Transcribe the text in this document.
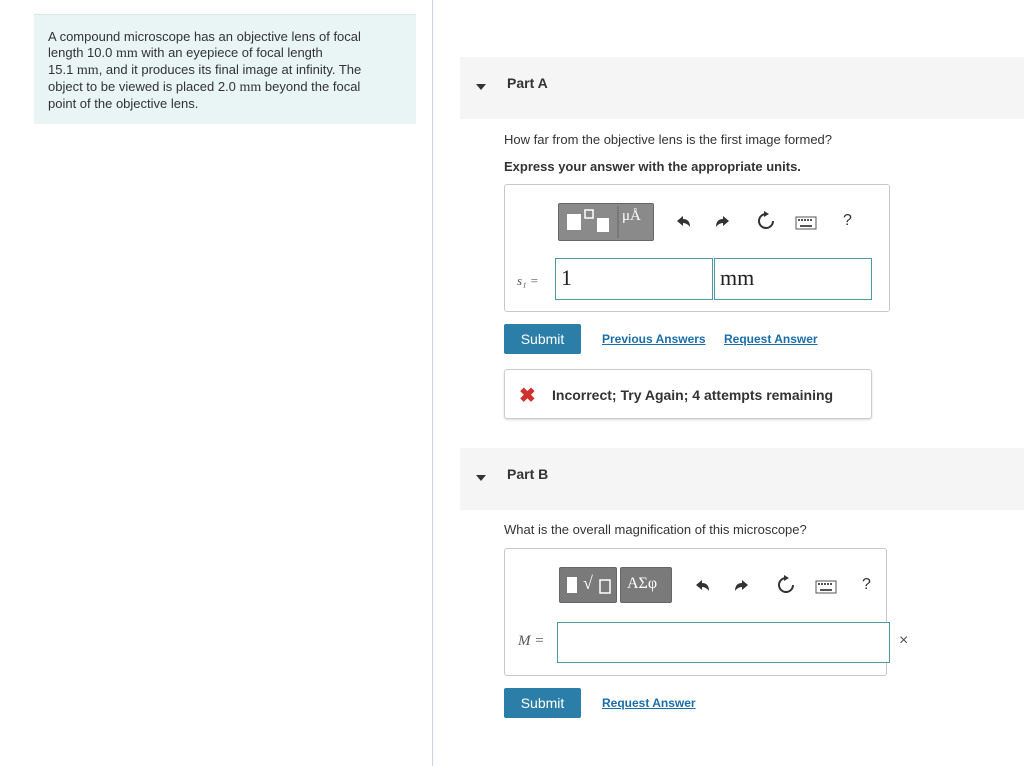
A compound microscope has an objective lens of focal
length 10.0 mm with an eyepiece of focal length
15.1 mm, and it produces its final image at infinity. The
object to be viewed is placed 2.0 mm beyond the focal
point of the objective lens.
Part A
How far from the objective lens is the first image formed?
Express your answer with the appropriate units.
μÅ	?
s₁ = 1	mm
Submit	Previous Answers Request Answer
✖ Incorrect; Try Again; 4 attempts remaining
Part B
What is the overall magnification of this microscope?
√ ΑΣφ	?
M =	×
Submit	Request Answer
